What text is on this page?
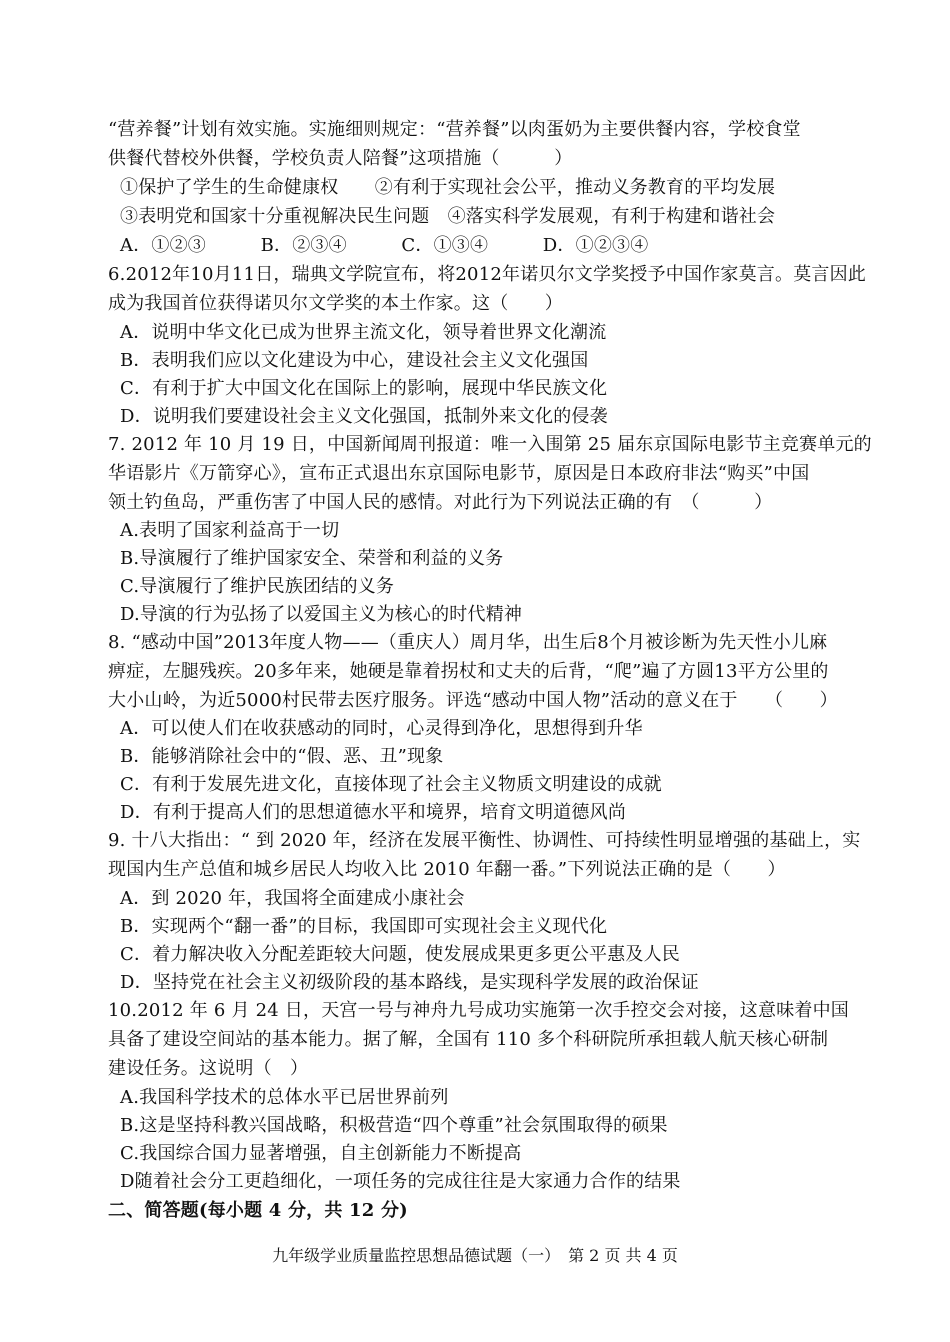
“营养餐”计划有效实施。实施细则规定：“营养餐”以肉蛋奶为主要供餐内容，学校食堂
供餐代替校外供餐，学校负责人陪餐”这项措施（　　　）
①保护了学生的生命健康权　　②有利于实现社会公平，推动义务教育的平均发展
③表明党和国家十分重视解决民生问题　④落实科学发展观，有利于构建和谐社会
A．①②③　　　B．②③④　　　C．①③④　　　D．①②③④
6.2012年10月11日，瑞典文学院宣布，将2012年诺贝尔文学奖授予中国作家莫言。莫言因此
成为我国首位获得诺贝尔文学奖的本土作家。这（　　）
A．说明中华文化已成为世界主流文化，领导着世界文化潮流
B．表明我们应以文化建设为中心，建设社会主义文化强国
C．有利于扩大中国文化在国际上的影响，展现中华民族文化
D．说明我们要建设社会主义文化强国，抵制外来文化的侵袭
7. 2012 年 10 月 19 日，中国新闻周刊报道：唯一入围第 25 届东京国际电影节主竞赛单元的
华语影片《万箭穿心》，宣布正式退出东京国际电影节，原因是日本政府非法“购买”中国
领土钓鱼岛，严重伤害了中国人民的感情。对此行为下列说法正确的有　（　　　）
A.表明了国家利益高于一切
B.导演履行了维护国家安全、荣誉和利益的义务
C.导演履行了维护民族团结的义务
D.导演的行为弘扬了以爱国主义为核心的时代精神
8. “感动中国”2013年度人物——（重庆人）周月华，出生后8个月被诊断为先天性小儿麻
痹症，左腿残疾。20多年来，她硬是靠着拐杖和丈夫的后背，“爬”遍了方圆13平方公里的
大小山岭，为近5000村民带去医疗服务。评选“感动中国人物”活动的意义在于　　（　　）
A．可以使人们在收获感动的同时，心灵得到净化，思想得到升华
B．能够消除社会中的“假、恶、丑”现象
C．有利于发展先进文化，直接体现了社会主义物质文明建设的成就
D．有利于提高人们的思想道德水平和境界，培育文明道德风尚
9. 十八大指出：“ 到 2020 年，经济在发展平衡性、协调性、可持续性明显增强的基础上，实
现国内生产总值和城乡居民人均收入比 2010 年翻一番。”下列说法正确的是（　　）
A．到 2020 年，我国将全面建成小康社会
B．实现两个“翻一番”的目标，我国即可实现社会主义现代化
C．着力解决收入分配差距较大问题，使发展成果更多更公平惠及人民
D．坚持党在社会主义初级阶段的基本路线，是实现科学发展的政治保证
10.2012 年 6 月 24 日，天宫一号与神舟九号成功实施第一次手控交会对接，这意味着中国
具备了建设空间站的基本能力。据了解，全国有 110 多个科研院所承担载人航天核心研制
建设任务。这说明（　）
A.我国科学技术的总体水平已居世界前列
B.这是坚持科教兴国战略，积极营造“四个尊重”社会氛围取得的硕果
C.我国综合国力显著增强，自主创新能力不断提高
D随着社会分工更趋细化，一项任务的完成往往是大家通力合作的结果
二、简答题(每小题 4 分，共 12 分)
九年级学业质量监控思想品德试题（一）　第 2 页 共 4 页
